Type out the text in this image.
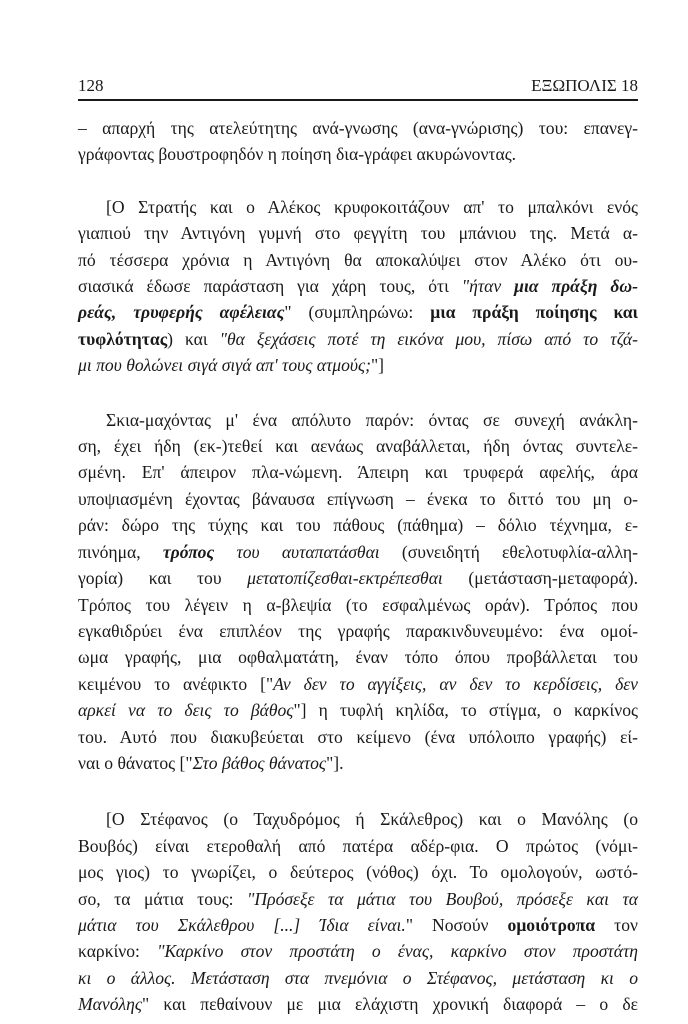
128	ΕΞΩΠΟΛΙΣ 18

– απαρχή της ατελεύτητης ανά-γνωσης (ανα-γνώρισης) του: επανεγ-
γράφοντας βουστροφηδόν η ποίηση δια-γράφει ακυρώνοντας.

[Ο Στρατής και ο Αλέκος κρυφοκοιτάζουν απ' το μπαλκόνι ενός
γιαπιού την Αντιγόνη γυμνή στο φεγγίτη του μπάνιου της. Μετά α-
πό τέσσερα χρόνια η Αντιγόνη θα αποκαλύψει στον Αλέκο ότι ου-
σιασικά έδωσε παράσταση για χάρη τους, ότι "ήταν μια πράξη δω-
ρεάς, τρυφερής αφέλειας" (συμπληρώνω: μια πράξη ποίησης και
τυφλότητας) και "θα ξεχάσεις ποτέ τη εικόνα μου, πίσω από το τζά-
μι που θολώνει σιγά σιγά απ' τους ατμούς;"]

Σκια-μαχόντας μ' ένα απόλυτο παρόν: όντας σε συνεχή ανάκλη-
ση, έχει ήδη (εκ-)τεθεί και αενάως αναβάλλεται, ήδη όντας συντελε-
σμένη. Επ' άπειρον πλα-νώμενη. Άπειρη και τρυφερά αφελής, άρα
υποψιασμένη έχοντας βάναυσα επίγνωση – ένεκα το διττό του μη ο-
ράν: δώρο της τύχης και του πάθους (πάθημα) – δόλιο τέχνημα, ε-
πινόημα, τρόπος του αυταπατάσθαι (συνειδητή εθελοτυφλία-αλλη-
γορία) και του μετατοπίζεσθαι-εκτρέπεσθαι (μετάσταση-μεταφορά).
Τρόπος του λέγειν η α-βλεψία (το εσφαλμένως οράν). Τρόπος που
εγκαθιδρύει ένα επιπλέον της γραφής παρακινδυνευμένο: ένα ομοί-
ωμα γραφής, μια οφθαλματάτη, έναν τόπο όπου προβάλλεται του
κειμένου το ανέφικτο ["Αν δεν το αγγίξεις, αν δεν το κερδίσεις, δεν
αρκεί να το δεις το βάθος"] η τυφλή κηλίδα, το στίγμα, ο καρκίνος
του. Αυτό που διακυβεύεται στο κείμενο (ένα υπόλοιπο γραφής) εί-
ναι ο θάνατος ["Στο βάθος θάνατος"].

[Ο Στέφανος (ο Ταχυδρόμος ή Σκάλεθρος) και ο Μανόλης (ο
Βουβός) είναι ετεροθαλή από πατέρα αδέρ-φια. Ο πρώτος (νόμι-
μος γιος) το γνωρίζει, ο δεύτερος (νόθος) όχι. Το ομολογούν, ωστό-
σο, τα μάτια τους: "Πρόσεξε τα μάτια του Βουβού, πρόσεξε και τα
μάτια του Σκάλεθρου [...] Ίδια είναι." Νοσούν ομοιότροπα τον
καρκίνο: "Καρκίνο στον προστάτη ο ένας, καρκίνο στον προστάτη
κι ο άλλος. Μετάσταση στα πνεμόνια ο Στέφανος, μετάσταση κι ο
Μανόλης" και πεθαίνουν με μια ελάχιστη χρονική διαφορά – ο δε
